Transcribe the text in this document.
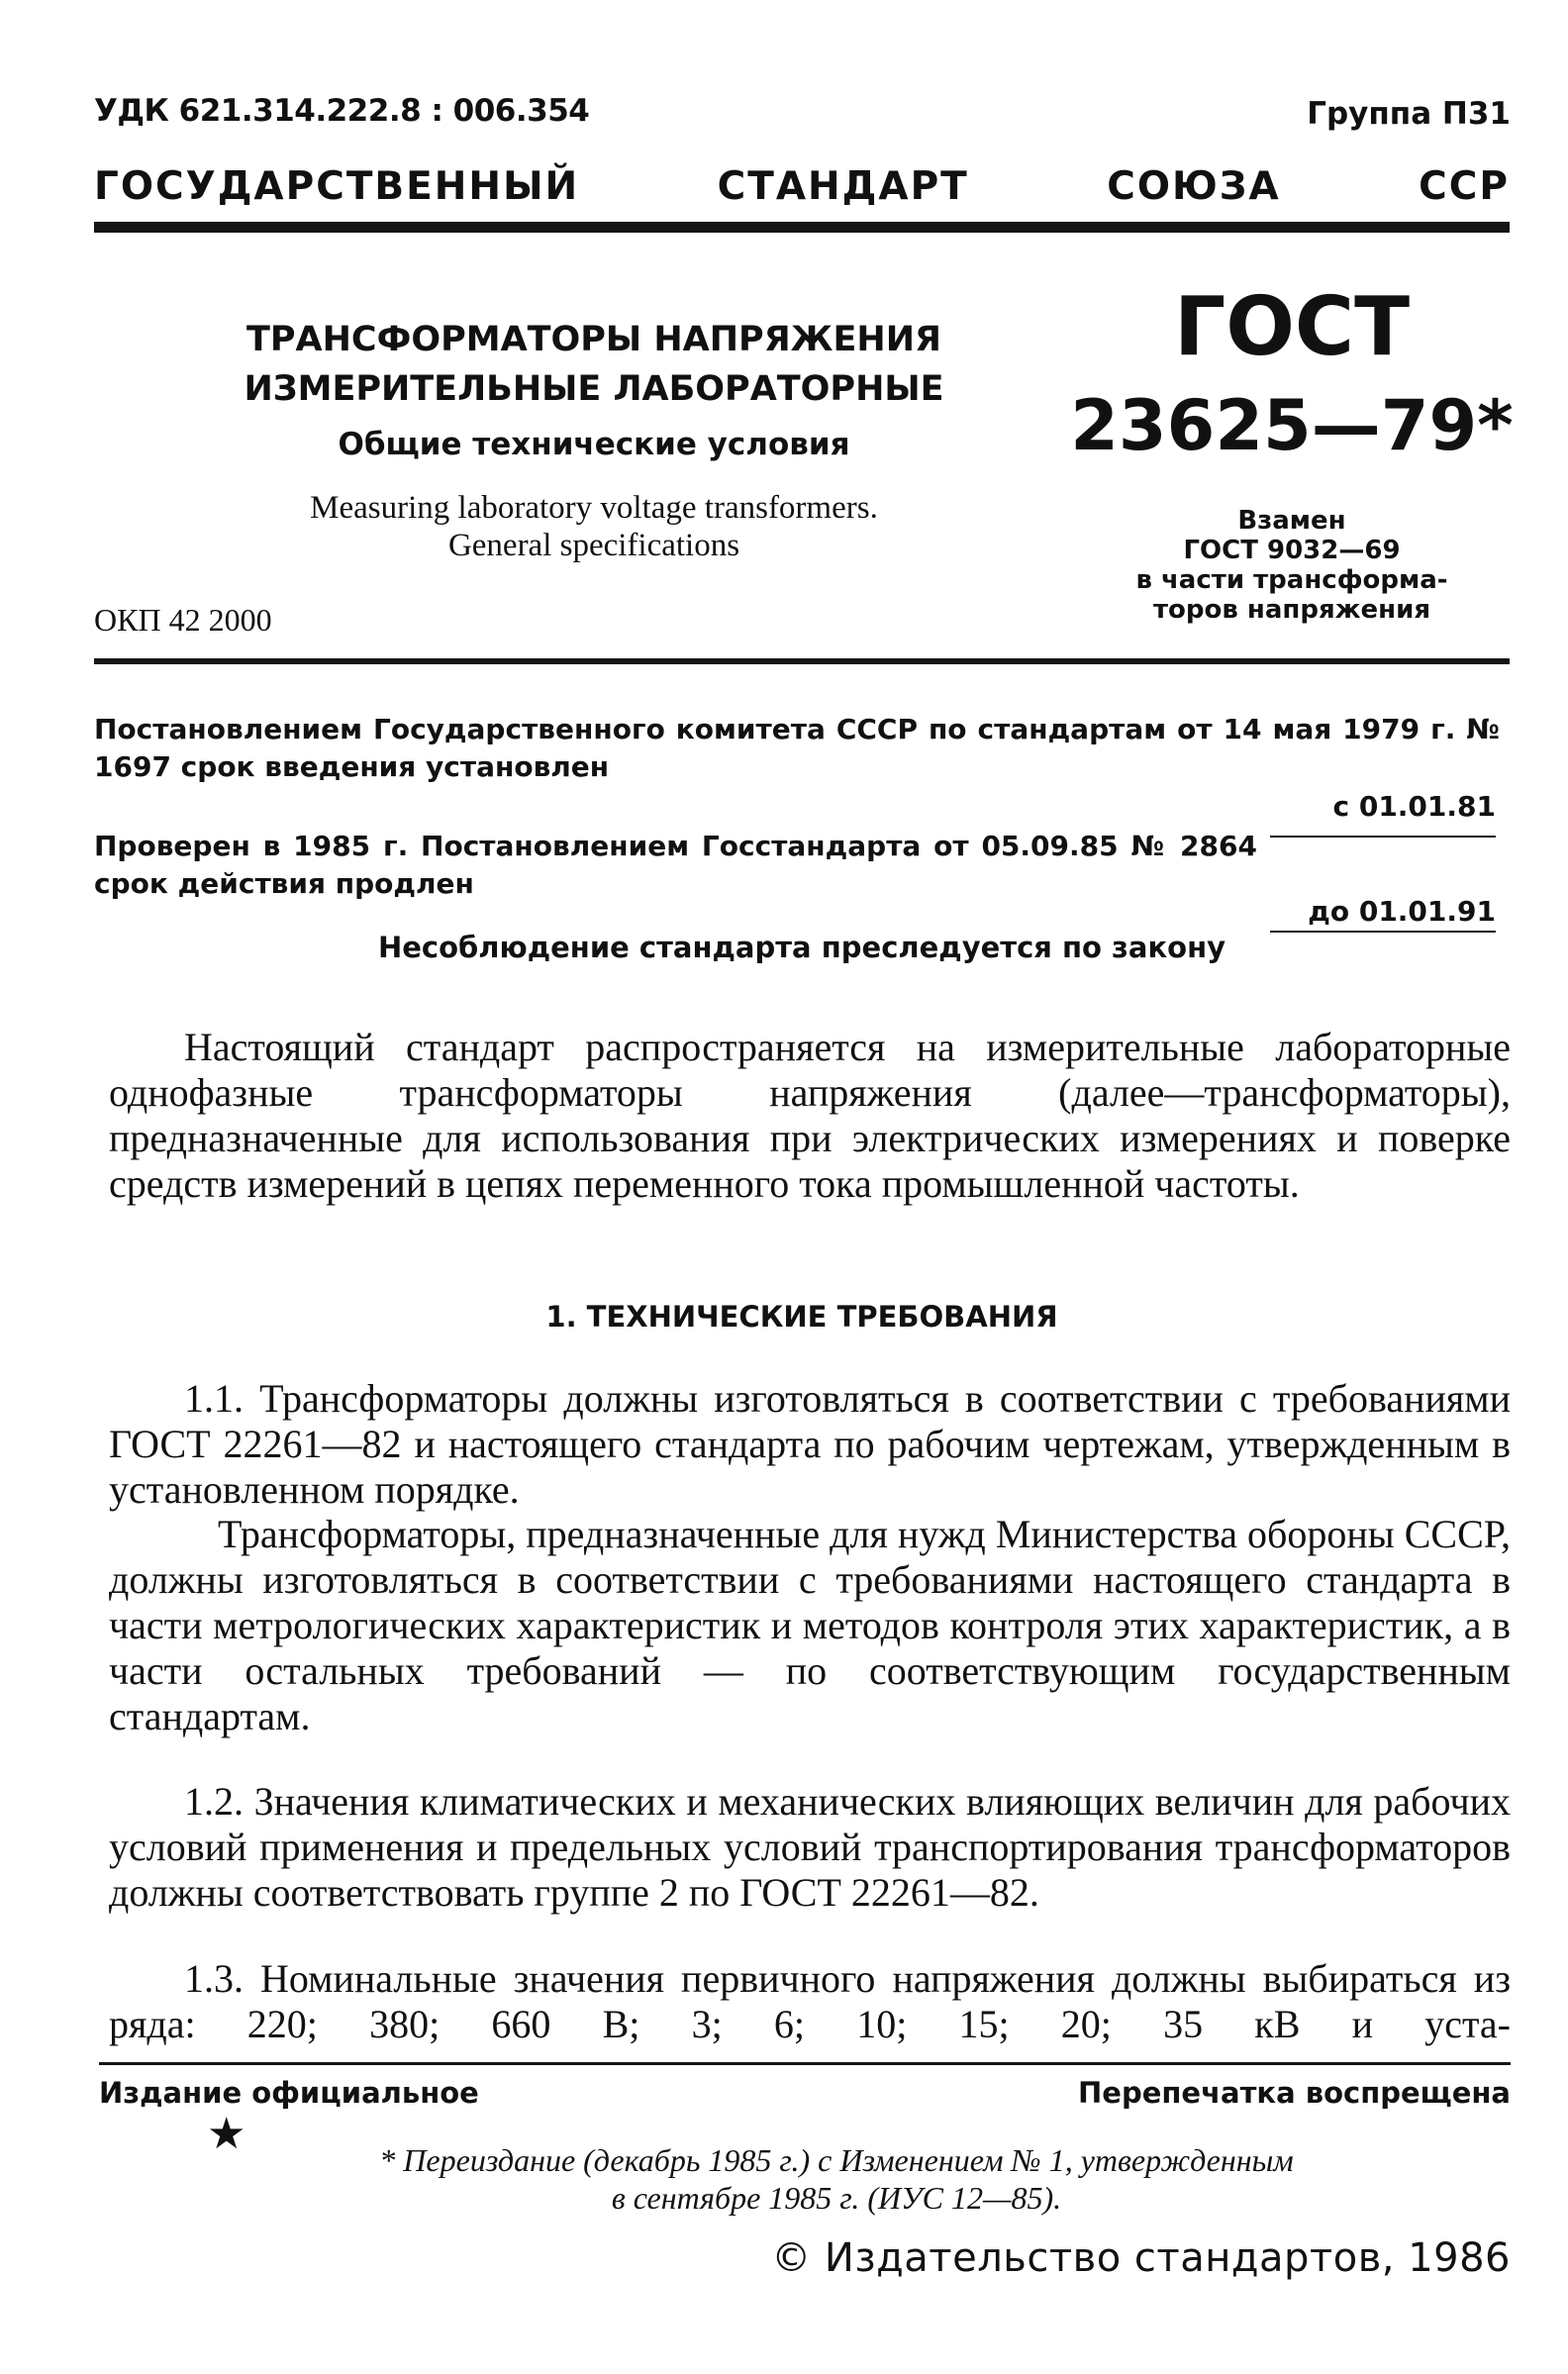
УДК 621.314.222.8 : 006.354	Группа П31
ГОСУДАРСТВЕННЫЙ СТАНДАРТ СОЮЗА ССР
ТРАНСФОРМАТОРЫ НАПРЯЖЕНИЯ
ИЗМЕРИТЕЛЬНЫЕ ЛАБОРАТОРНЫЕ
Общие технические условия
Measuring laboratory voltage transformers.
General specifications
ГОСТ
23625—79*
Взамен
ГОСТ 9032—69
в части трансформа-
торов напряжения
ОКП 42 2000
Постановлением Государственного комитета СССР по стандартам от 14 мая 1979 г. № 1697 срок введения установлен
с 01.01.81
до 01.01.91
Проверен в 1985 г. Постановлением Госстандарта от 05.09.85 № 2864 срок действия продлен
Несоблюдение стандарта преследуется по закону

Настоящий стандарт распространяется на измерительные лабораторные однофазные трансформаторы напряжения (далее—трансформаторы), предназначенные для использования при электрических измерениях и поверке средств измерений в цепях переменного тока промышленной частоты.

1. ТЕХНИЧЕСКИЕ ТРЕБОВАНИЯ

1.1. Трансформаторы должны изготовляться в соответствии с требованиями ГОСТ 22261—82 и настоящего стандарта по рабочим чертежам, утвержденным в установленном порядке.

Трансформаторы, предназначенные для нужд Министерства обороны СССР, должны изготовляться в соответствии с требованиями настоящего стандарта в части метрологических характеристик и методов контроля этих характеристик, а в части остальных требований — по соответствующим государственным стандартам.

1.2. Значения климатических и механических влияющих величин для рабочих условий применения и предельных условий транспортирования трансформаторов должны соответствовать группе 2 по ГОСТ 22261—82.

1.3. Номинальные значения первичного напряжения должны выбираться из ряда: 220; 380; 660 В; 3; 6; 10; 15; 20; 35 кВ и уста-

Издание официальное	Перепечатка воспрещена
★
* Переиздание (декабрь 1985 г.) с Изменением № 1, утвержденным
в сентябре 1985 г. (ИУС 12—85).
© Издательство стандартов, 1986
